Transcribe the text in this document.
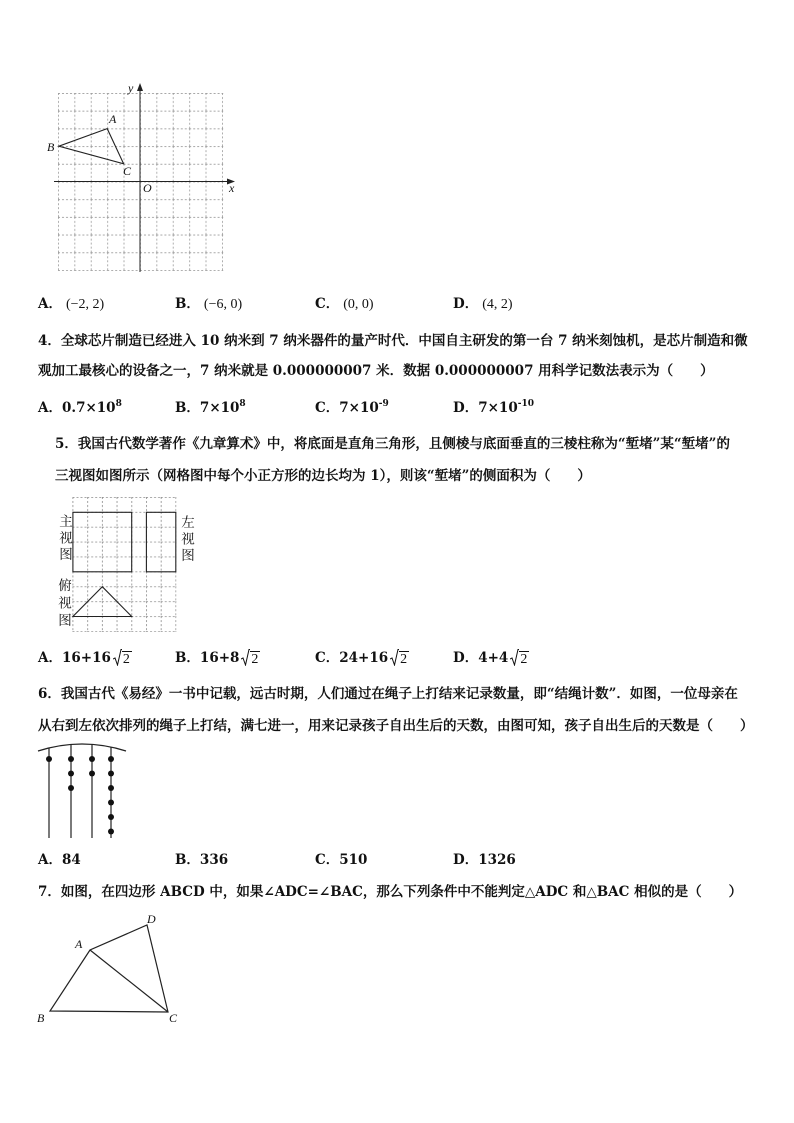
y
x
O
A
B
C
A． (−2, 2)	B． (−6, 0)	C． (0, 0)	D． (4, 2)
4．全球芯片制造已经进入 10 纳米到 7 纳米器件的量产时代．中国自主研发的第一台 7 纳米刻蚀机，是芯片制造和微
观加工最核心的设备之一，7 纳米就是 0.000000007 米．数据 0.000000007 用科学记数法表示为（　　）
A．$0.7\times 10^8$	B．$7\times 10^8$	C．$7\times 10^{-9}$	D．$7\times 10^{-10}$
5．我国古代数学著作《九章算术》中，将底面是直角三角形，且侧棱与底面垂直的三棱柱称为“堑堵”某“堑堵”的
三视图如图所示（网格图中每个小正方形的边长均为 1），则该“堑堵”的侧面积为（　　）
主视图	左视图
俯视图
A．16+16 2	B．16+8 2	C．24+16 2	D．4+4 2
6．我国古代《易经》一书中记载，远古时期，人们通过在绳子上打结来记录数量，即“结绳计数”．如图，一位母亲在
从右到左依次排列的绳子上打结，满七进一，用来记录孩子自出生后的天数，由图可知，孩子自出生后的天数是（　　）
A．84	B．336	C．510	D．1326
7．如图，在四边形 ABCD 中，如果∠ADC=∠BAC，那么下列条件中不能判定△ADC 和△BAC 相似的是（　　）
A
B	C
D
